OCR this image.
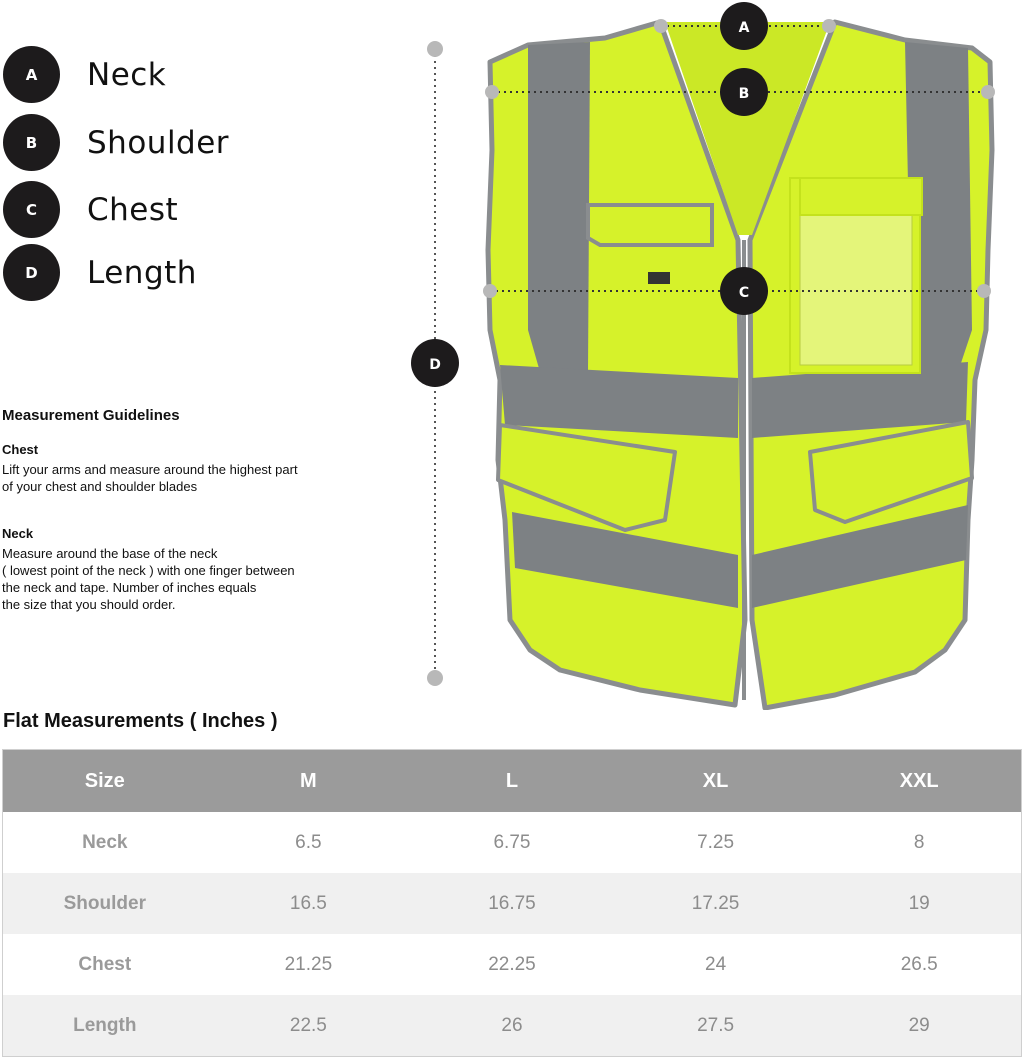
A	Neck
B	Shoulder
C	Chest
D	Length
Measurement Guidelines
Chest
Lift your arms and measure around the highest part
of your chest and shoulder blades
Neck
Measure around the base of the neck
( lowest point of the neck ) with one finger between
the neck and tape. Number of inches equals
the size that you should order.
A
B
C
D
Flat Measurements ( Inches )
Size	M	L	XL	XXL
Neck	6.5	6.75	7.25	8
Shoulder	16.5	16.75	17.25	19
Chest	21.25	22.25	24	26.5
Length	22.5	26	27.5	29
